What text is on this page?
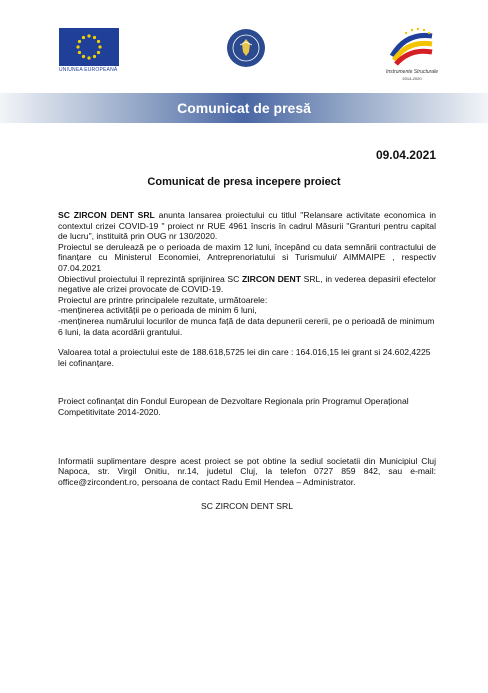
UNIUNEA EUROPEANĂ	Instrumente Structurale
2014-2020
Comunicat de presă
09.04.2021
Comunicat de presa incepere proiect

SC ZIRCON DENT SRL anunta lansarea proiectului cu titlul "Relansare activitate economica in contextul crizei COVID-19 " proiect nr RUE 4961 înscris în cadrul Măsurii "Granturi pentru capital de lucru", instituită prin OUG nr 130/2020.

Proiectul se derulează pe o perioada de maxim 12 luni, începând cu data semnării contractului de finanțare cu Ministerul Economiei, Antreprenoriatului si Turismului/ AIMMAIPE , respectiv 07.04.2021

Obiectivul proiectului îl reprezintă sprijinirea SC ZIRCON DENT SRL, in vederea depasirii efectelor negative ale crizei provocate de COVID-19.

Proiectul are printre principalele rezultate, următoarele:

-menținerea activității pe o perioada de minim 6 luni,

-menținerea numărului locurilor de munca față de data depunerii cererii, pe o perioadă de minimum 6 luni, la data acordării grantului.

Valoarea total a proiectului este de 188.618,5725 lei din care : 164.016,15 lei grant si 24.602,4225 lei cofinanțare.

Proiect cofinanțat din Fondul European de Dezvoltare Regionala prin Programul Operațional Competitivitate 2014-2020.

Informatii suplimentare despre acest proiect se pot obtine la sediul societatii din Municipiul Cluj Napoca, str. Virgil Onitiu, nr.14, judetul Cluj, la telefon 0727 859 842, sau e-mail: office@zircondent.ro, persoana de contact Radu Emil Hendea – Administrator.

SC ZIRCON DENT SRL
